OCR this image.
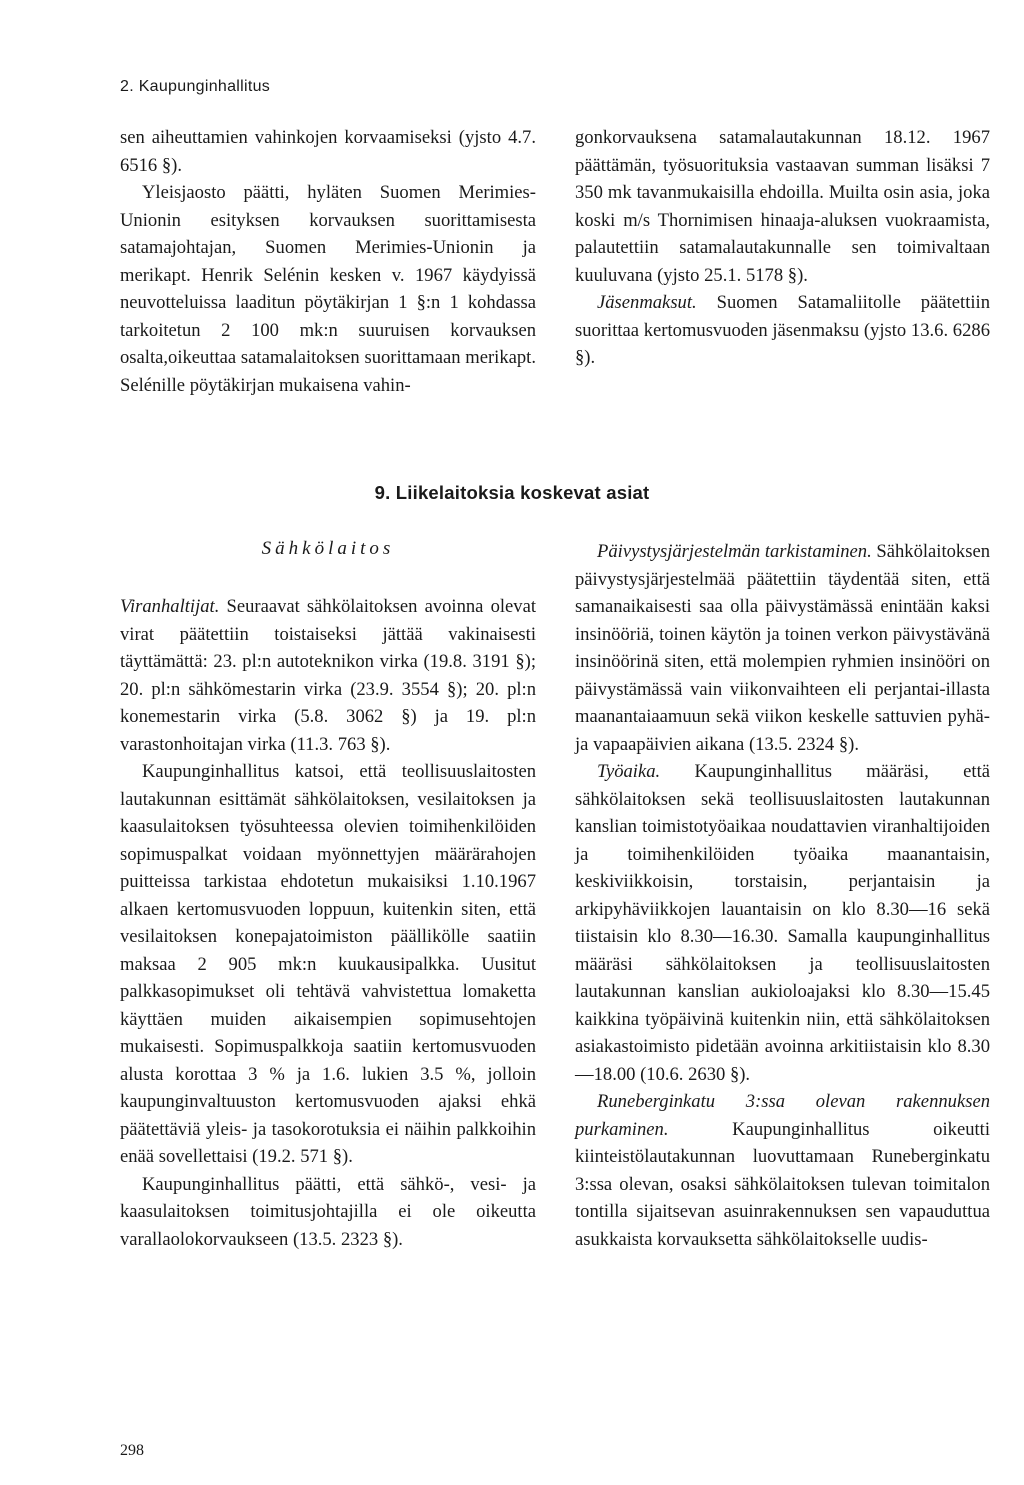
2. Kaupunginhallitus

sen aiheuttamien vahinkojen korvaamiseksi (yjsto 4.7. 6516 §).

Yleisjaosto päätti, hyläten Suomen Merimies-Unionin esityksen korvauksen suorittamisesta satamajohtajan, Suomen Merimies-Unionin ja merikapt. Henrik Selénin kesken v. 1967 käydyissä neuvotteluissa laaditun pöytäkirjan 1 §:n 1 kohdassa tarkoitetun 2 100 mk:n suuruisen korvauksen osalta,oikeuttaa satamalaitoksen suorittamaan merikapt. Selénille pöytäkirjan mukaisena vahin-

gonkorvauksena satamalautakunnan 18.12. 1967 päättämän, työsuorituksia vastaavan summan lisäksi 7 350 mk tavanmukaisilla ehdoilla. Muilta osin asia, joka koski m/s Thornimisen hinaaja-aluksen vuokraamista, palautettiin satamalautakunnalle sen toimivaltaan kuuluvana (yjsto 25.1. 5178 §).

Jäsenmaksut. Suomen Satamaliitolle päätettiin suorittaa kertomusvuoden jäsenmaksu (yjsto 13.6. 6286 §).

9. Liikelaitoksia koskevat asiat
Sähkölaitos

Viranhaltijat. Seuraavat sähkölaitoksen avoinna olevat virat päätettiin toistaiseksi jättää vakinaisesti täyttämättä: 23. pl:n autoteknikon virka (19.8. 3191 §); 20. pl:n sähkömestarin virka (23.9. 3554 §); 20. pl:n konemestarin virka (5.8. 3062 §) ja 19. pl:n varastonhoitajan virka (11.3. 763 §).

Kaupunginhallitus katsoi, että teollisuuslaitosten lautakunnan esittämät sähkölaitoksen, vesilaitoksen ja kaasulaitoksen työsuhteessa olevien toimihenkilöiden sopimuspalkat voidaan myönnettyjen määrärahojen puitteissa tarkistaa ehdotetun mukaisiksi 1.10.1967 alkaen kertomusvuoden loppuun, kuitenkin siten, että vesilaitoksen konepajatoimiston päällikölle saatiin maksaa 2 905 mk:n kuukausipalkka. Uusitut palkkasopimukset oli tehtävä vahvistettua lomaketta käyttäen muiden aikaisempien sopimusehtojen mukaisesti. Sopimuspalkkoja saatiin kertomusvuoden alusta korottaa 3 % ja 1.6. lukien 3.5 %, jolloin kaupunginvaltuuston kertomusvuoden ajaksi ehkä päätettäviä yleis- ja tasokorotuksia ei näihin palkkoihin enää sovellettaisi (19.2. 571 §).

Kaupunginhallitus päätti, että sähkö-, vesi- ja kaasulaitoksen toimitusjohtajilla ei ole oikeutta varallaolokorvaukseen (13.5. 2323 §).

Päivystysjärjestelmän tarkistaminen. Sähkölaitoksen päivystysjärjestelmää päätettiin täydentää siten, että samanaikaisesti saa olla päivystämässä enintään kaksi insinööriä, toinen käytön ja toinen verkon päivystävänä insinöörinä siten, että molempien ryhmien insinööri on päivystämässä vain viikonvaihteen eli perjantai-illasta maanantaiaamuun sekä viikon keskelle sattuvien pyhä- ja vapaapäivien aikana (13.5. 2324 §).

Työaika. Kaupunginhallitus määräsi, että sähkölaitoksen sekä teollisuuslaitosten lautakunnan kanslian toimistotyöaikaa noudattavien viranhaltijoiden ja toimihenkilöiden työaika maanantaisin, keskiviikkoisin, torstaisin, perjantaisin ja arkipyhäviikkojen lauantaisin on klo 8.30—16 sekä tiistaisin klo 8.30—16.30. Samalla kaupunginhallitus määräsi sähkölaitoksen ja teollisuuslaitosten lautakunnan kanslian aukioloajaksi klo 8.30—15.45 kaikkina työpäivinä kuitenkin niin, että sähkölaitoksen asiakastoimisto pidetään avoinna arkitiistaisin klo 8.30—18.00 (10.6. 2630 §).

Runeberginkatu 3:ssa olevan rakennuksen purkaminen. Kaupunginhallitus oikeutti kiinteistölautakunnan luovuttamaan Runeberginkatu 3:ssa olevan, osaksi sähkölaitoksen tulevan toimitalon tontilla sijaitsevan asuinrakennuksen sen vapauduttua asukkaista korvauksetta sähkölaitokselle uudis-

298
